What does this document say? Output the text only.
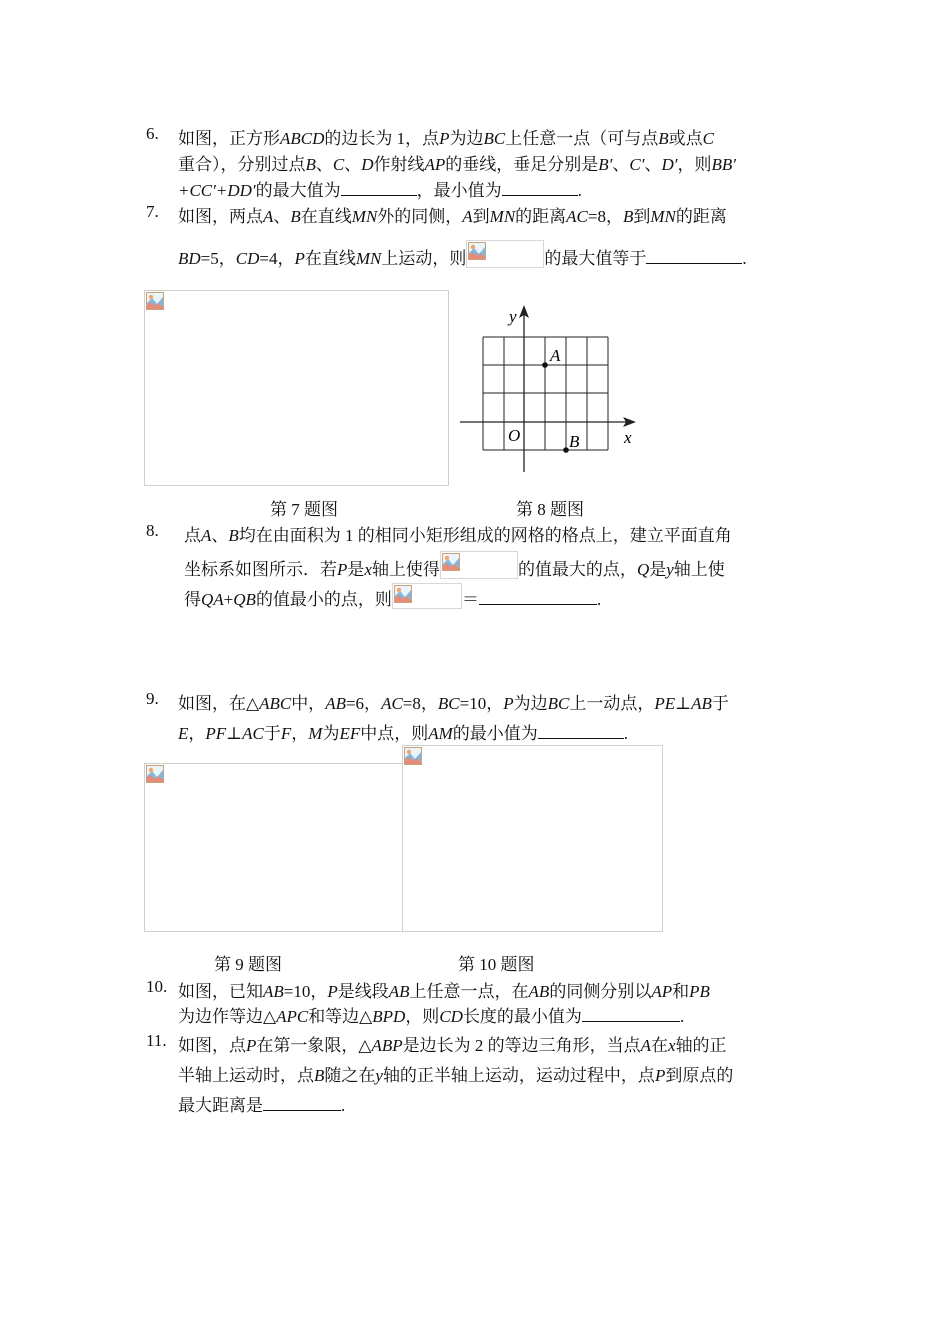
6. 如图，正方形ABCD的边长为 1，点P为边BC上任意一点（可与点B或点C
重合），分别过点B、C、D作射线AP的垂线，垂足分别是B′、C′、D′，则BB′
+CC′+DD′的最大值为	，最小值为	.
7. 如图，两点A、B在直线MN外的同侧，A到MN的距离AC=8，B到MN的距离
BD=5，CD=4，P在直线MN上运动，则	的最大值等于	.
y
x
O
A
B
第 7 题图	第 8 题图
8. 点A、B均在由面积为 1 的相同小矩形组成的网格的格点上，建立平面直角
坐标系如图所示．若P是x轴上使得	的值最大的点，Q是y轴上使
得QA+QB的值最小的点，则	＝	.
9. 如图，在△ABC中，AB=6，AC=8，BC=10，P为边BC上一动点，PE⊥AB于
E，PF⊥AC于F，M为EF中点，则AM的最小值为	.
第 9 题图	第 10 题图
10. 如图，已知AB=10，P是线段AB上任意一点，在AB的同侧分别以AP和PB
为边作等边△APC和等边△BPD，则CD长度的最小值为	.
11. 如图，点P在第一象限，△ABP是边长为 2 的等边三角形，当点A在x轴的正
半轴上运动时，点B随之在y轴的正半轴上运动，运动过程中，点P到原点的
最大距离是	.
